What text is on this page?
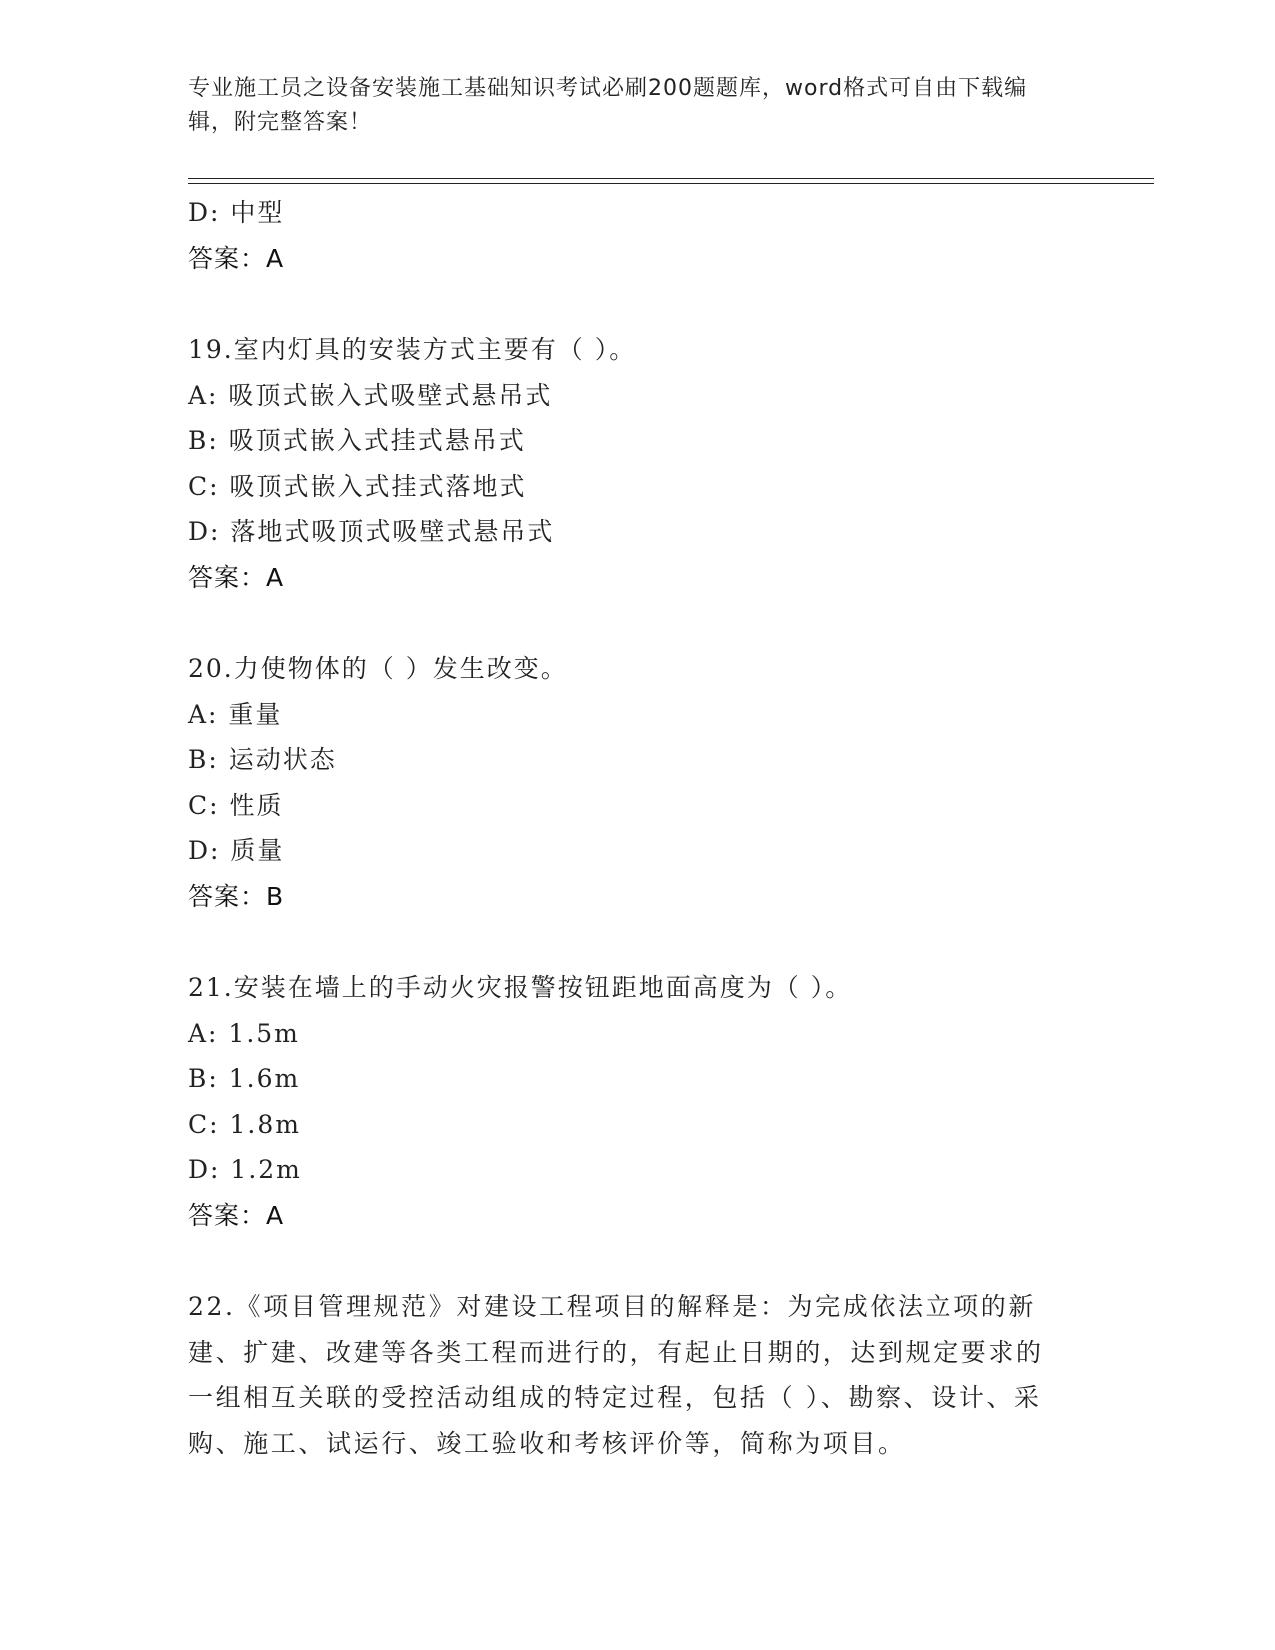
专业施工员之设备安装施工基础知识考试必刷200题题库，word格式可自由下载编辑，附完整答案！
D: 中型
答案：A
19.室内灯具的安装方式主要有（ ）。
A: 吸顶式嵌入式吸壁式悬吊式
B: 吸顶式嵌入式挂式悬吊式
C: 吸顶式嵌入式挂式落地式
D: 落地式吸顶式吸壁式悬吊式
答案：A
20.力使物体的（ ）发生改变。
A: 重量
B: 运动状态
C: 性质
D: 质量
答案：B
21.安装在墙上的手动火灾报警按钮距地面高度为（ ）。
A: 1.5m
B: 1.6m
C: 1.8m
D: 1.2m
答案：A
22.《项目管理规范》对建设工程项目的解释是：为完成依法立项的新建、扩建、改建等各类工程而进行的，有起止日期的，达到规定要求的一组相互关联的受控活动组成的特定过程，包括（ ）、勘察、设计、采购、施工、试运行、竣工验收和考核评价等，简称为项目。
